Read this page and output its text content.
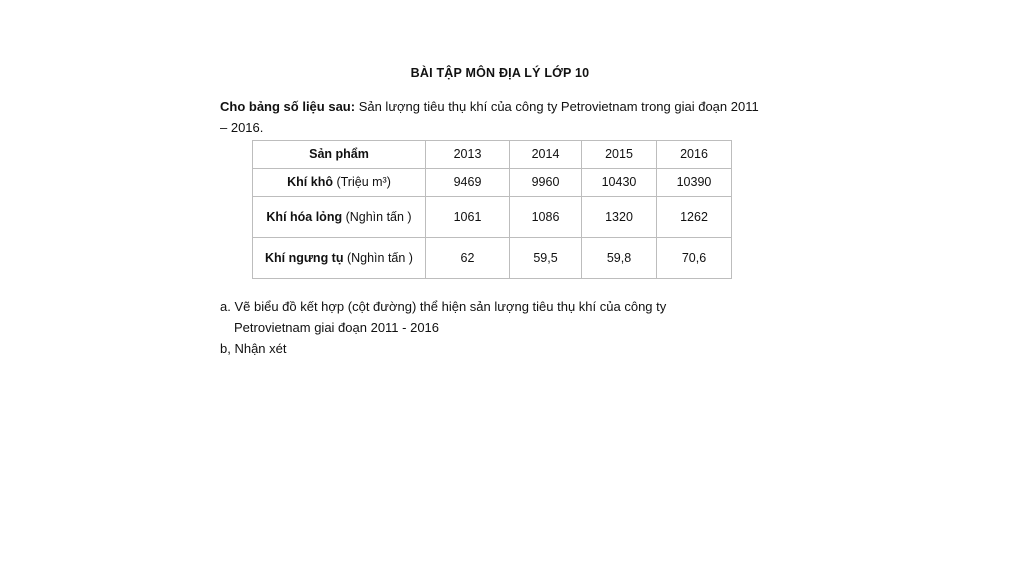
BÀI TẬP MÔN ĐỊA LÝ LỚP 10
Cho bảng số liệu sau: Sản lượng tiêu thụ khí của công ty Petrovietnam trong giai đoạn 2011 – 2016.
Sản phẩm	2013	2014	2015	2016
Khí khô (Triệu m³)	9469	9960	10430	10390
Khí hóa lỏng (Nghìn tấn )	1061	1086	1320	1262
Khí ngưng tụ (Nghìn tấn )	62	59,5	59,8	70,6
a. Vẽ biểu đồ kết hợp (cột đường) thể hiện sản lượng tiêu thụ khí của công ty
Petrovietnam giai đoạn 2011 - 2016
b, Nhận xét
